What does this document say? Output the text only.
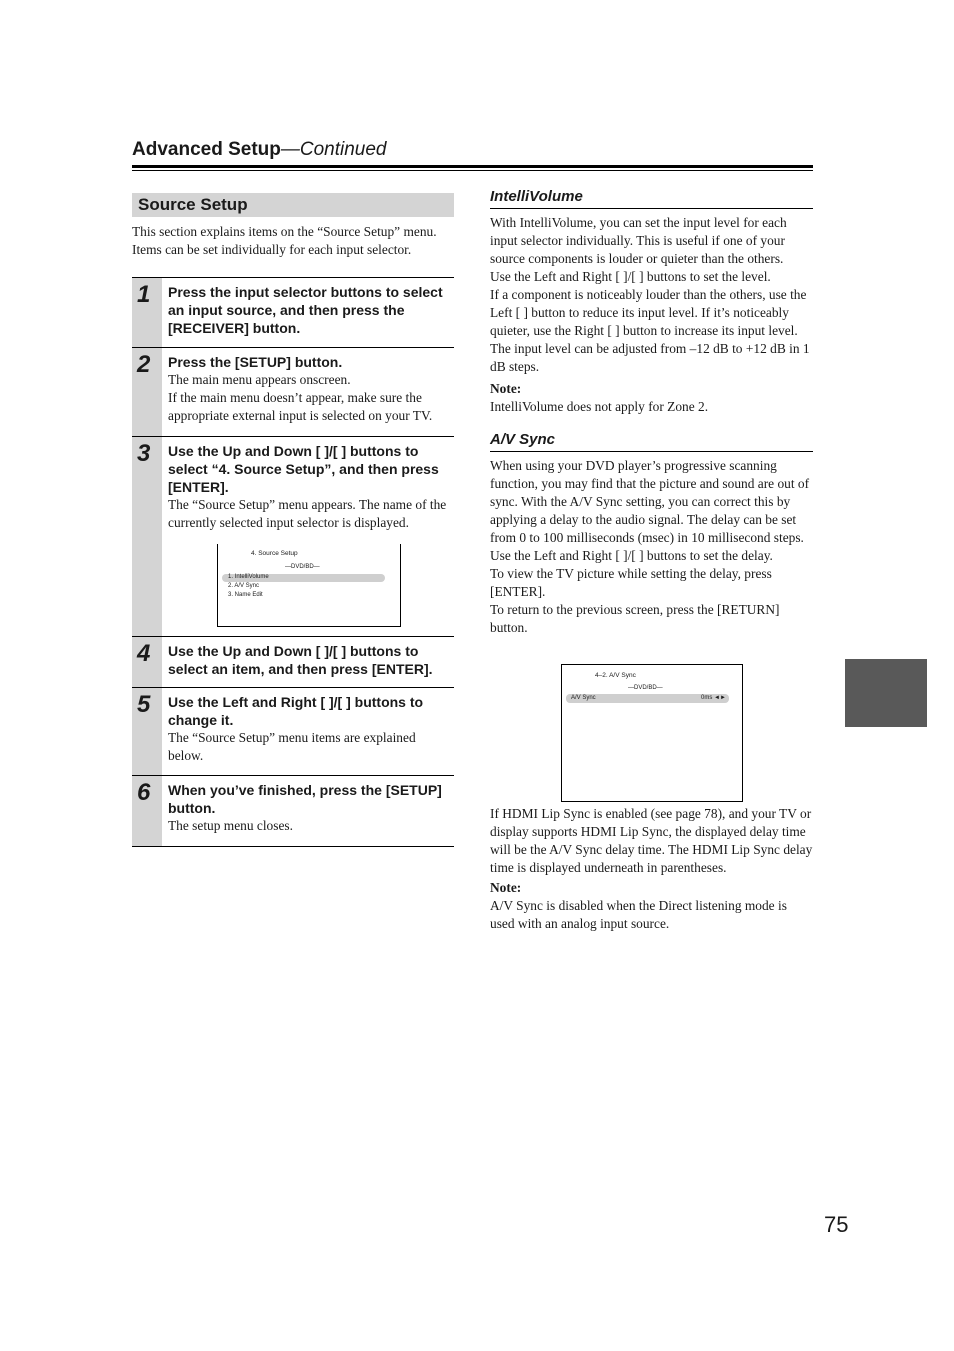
Advanced Setup—Continued
Source Setup
This section explains items on the “Source Setup” menu. Items can be set individually for each input selector.
1 Press the input selector buttons to select an input source, and then press the [RECEIVER] button.
2 Press the [SETUP] button.
The main menu appears onscreen.
If the main menu doesn’t appear, make sure the appropriate external input is selected on your TV.
3 Use the Up and Down [ ]/[ ] buttons to select “4. Source Setup”, and then press [ENTER].
The “Source Setup” menu appears. The name of the currently selected input selector is displayed.
4. Source Setup
—DVD/BD—
1. IntelliVolume
2. A/V Sync
3. Name Edit
4 Use the Up and Down [ ]/[ ] buttons to select an item, and then press [ENTER].
5 Use the Left and Right [ ]/[ ] buttons to change it.
The “Source Setup” menu items are explained below.
6 When you’ve finished, press the [SETUP] button.
The setup menu closes.
IntelliVolume
With IntelliVolume, you can set the input level for each input selector individually. This is useful if one of your source components is louder or quieter than the others.
Use the Left and Right [ ]/[ ] buttons to set the level.
If a component is noticeably louder than the others, use the Left [ ] button to reduce its input level. If it’s noticeably quieter, use the Right [ ] button to increase its input level. The input level can be adjusted from –12 dB to +12 dB in 1 dB steps.
Note:
IntelliVolume does not apply for Zone 2.
A/V Sync
When using your DVD player’s progressive scanning function, you may find that the picture and sound are out of sync. With the A/V Sync setting, you can correct this by applying a delay to the audio signal. The delay can be set from 0 to 100 milliseconds (msec) in 10 millisecond steps.
Use the Left and Right [ ]/[ ] buttons to set the delay.
To view the TV picture while setting the delay, press [ENTER].
To return to the previous screen, press the [RETURN] button.
4–2. A/V Sync
—DVD/BD—
A/V Sync	0ms ◄►
If HDMI Lip Sync is enabled (see page 78), and your TV or display supports HDMI Lip Sync, the displayed delay time will be the A/V Sync delay time. The HDMI Lip Sync delay time is displayed underneath in parentheses.
Note:
A/V Sync is disabled when the Direct listening mode is used with an analog input source.
75
